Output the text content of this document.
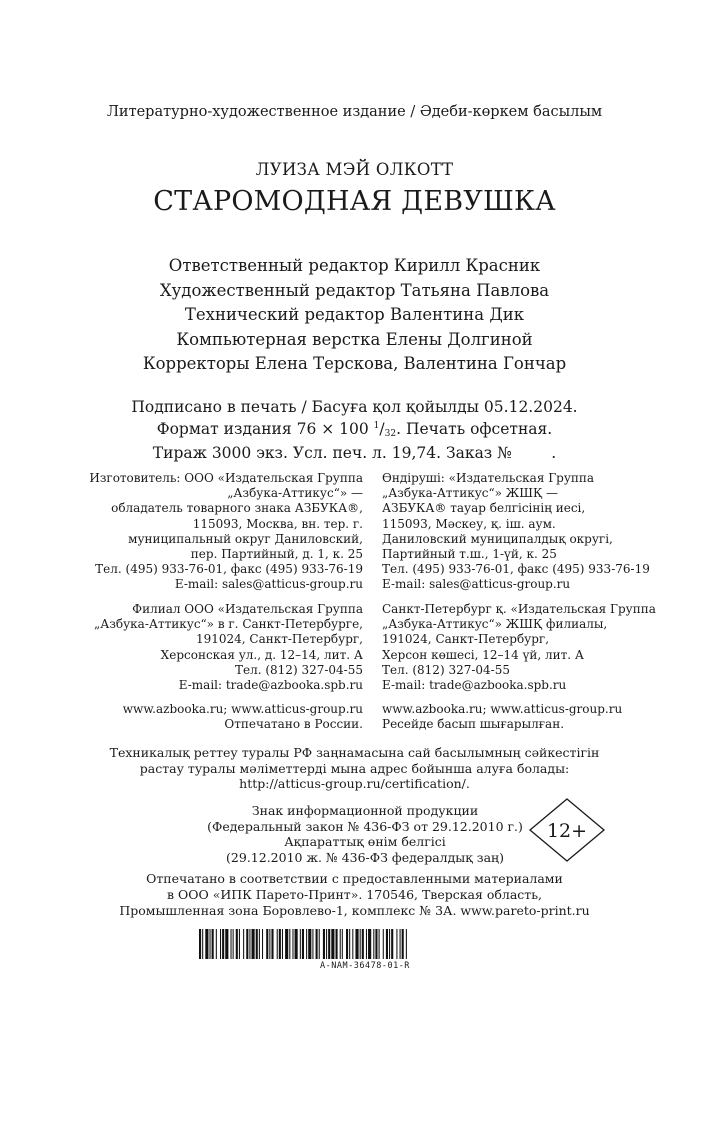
Литературно-художественное издание / Әдеби-көркем басылым
ЛУИЗА МЭЙ ОЛКОТТ
СТАРОМОДНАЯ ДЕВУШКА
Ответственный редактор Кирилл Красник
Художественный редактор Татьяна Павлова
Технический редактор Валентина Дик
Компьютерная верстка Елены Долгиной
Корректоры Елена Терскова, Валентина Гончар
Подписано в печать / Басуға қол қойылды 05.12.2024.
Формат издания 76 × 100 $^1/_{32}$. Печать офсетная.
Тираж 3000 экз. Усл. печ. л. 19,74. Заказ №        .
Изготовитель: ООО «Издательская Группа
„Азбука-Аттикус“» —
обладатель товарного знака АЗБУКА®,
115093, Москва, вн. тер. г.
муниципальный округ Даниловский,
пер. Партийный, д. 1, к. 25
Тел. (495) 933-76-01, факс (495) 933-76-19
E-mail: sales@atticus-group.ru
Өндіруші: «Издательская Группа
„Азбука-Аттикус“» ЖШҚ —
АЗБУКА® тауар белгісінің иесі,
115093, Мәскеу, қ. іш. аум.
Даниловский муниципалдық округі,
Партийный т.ш., 1-үй, к. 25
Тел. (495) 933-76-01, факс (495) 933-76-19
E-mail: sales@atticus-group.ru
Филиал ООО «Издательская Группа
„Азбука-Аттикус“» в г. Санкт-Петербурге,
191024, Санкт-Петербург,
Херсонская ул., д. 12–14, лит. А
Тел. (812) 327-04-55
E-mail: trade@azbooka.spb.ru
Санкт-Петербург қ. «Издательская Группа
„Азбука-Аттикус“» ЖШҚ филиалы,
191024, Санкт-Петербург,
Херсон көшесі, 12–14 үй, лит. А
Тел. (812) 327-04-55
E-mail: trade@azbooka.spb.ru
www.azbooka.ru; www.atticus-group.ru
Отпечатано в России.
www.azbooka.ru; www.atticus-group.ru
Ресейде басып шығарылған.
Техникалық реттеу туралы РФ заңнамасына сай басылымның сәйкестігін
растау туралы мәліметтерді мына адрес бойынша алуға болады:
http://atticus-group.ru/certification/.
Знак информационной продукции
(Федеральный закон № 436-ФЗ от 29.12.2010 г.)
Ақпараттық өнім белгісі
(29.12.2010 ж. № 436-ФЗ федералдық заң)
12+
Отпечатано в соответствии с предоставленными материалами
в ООО «ИПК Парето-Принт». 170546, Тверская область,
Промышленная зона Боровлево-1, комплекс № 3А. www.pareto-print.ru
A-NAM-36478-01-R
